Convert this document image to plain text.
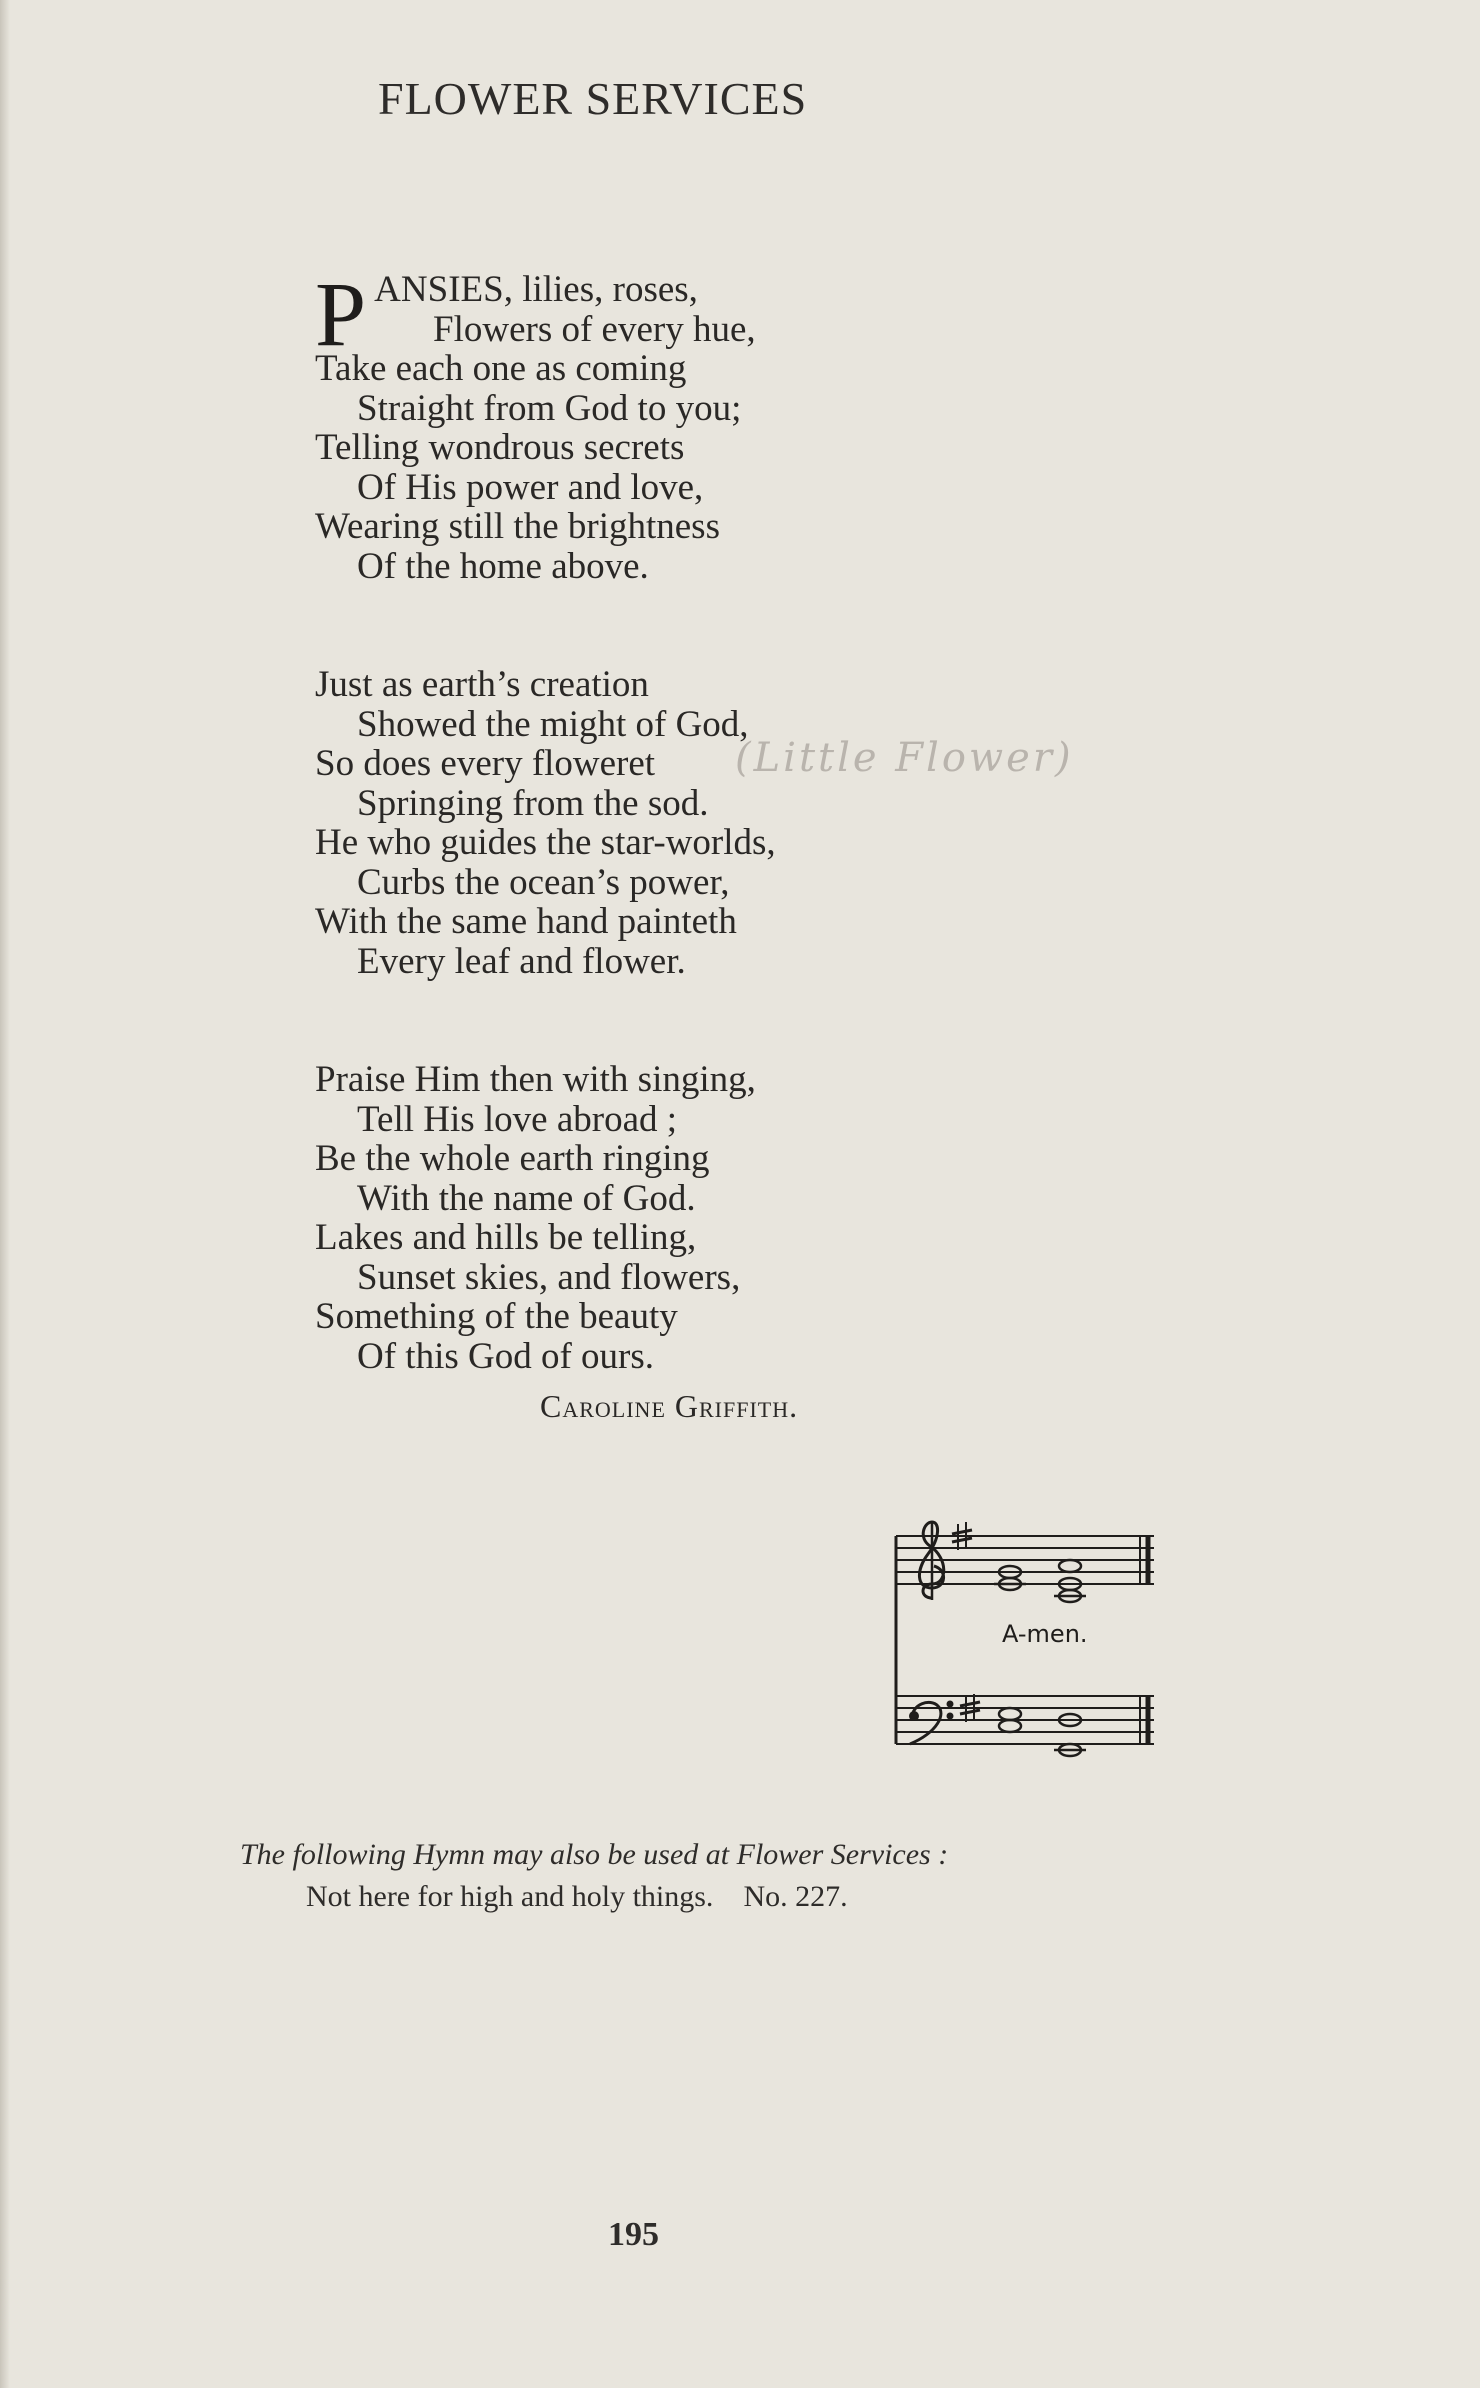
FLOWER SERVICES
P ANSIES, lilies, roses,
Flowers of every hue,
Take each one as coming
Straight from God to you;
Telling wondrous secrets
Of His power and love,
Wearing still the brightness
Of the home above.
Just as earth’s creation
Showed the might of God,
So does every floweret
Springing from the sod.
He who guides the star-worlds,
Curbs the ocean’s power,
With the same hand painteth
Every leaf and flower.
Praise Him then with singing,
Tell His love abroad ;
Be the whole earth ringing
With the name of God.
Lakes and hills be telling,
Sunset skies, and flowers,
Something of the beauty
Of this God of ours.
(Little Flower)
Caroline Griffith.
A-men.
The following Hymn may also be used at Flower Services :
Not here for high and holy things. No. 227.
195
